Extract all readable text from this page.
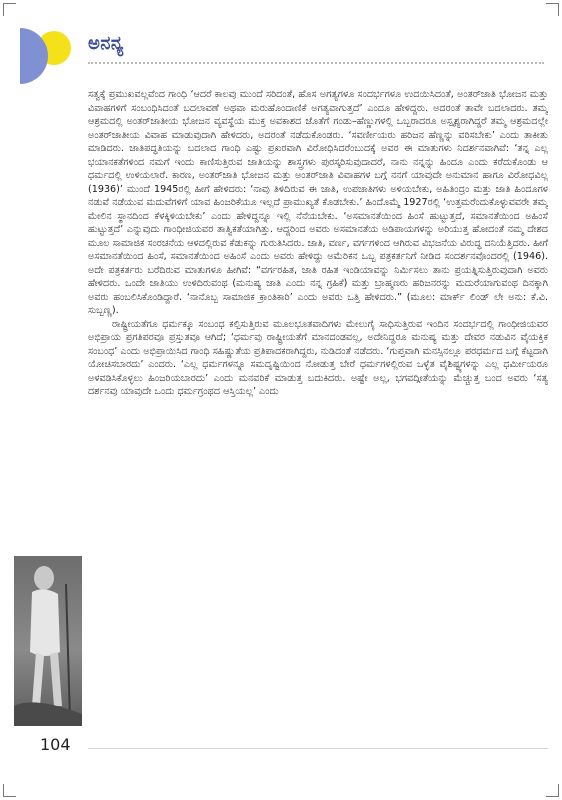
ಅನನ್ಯ

ಸತ್ವಕ್ಕೆ ಪ್ರಮುಖವಲ್ಲವೆಂದ ಗಾಂಧಿ ‘ಆದರೆ ಕಾಲವು ಮುಂದೆ ಸರಿದಂತೆ, ಹೊಸ ಅಗತ್ಯಗಳೂ ಸಂದರ್ಭಗಳೂ ಉದಯಿಸಿದಂತೆ, ಅಂತರ್‌ಜಾತಿ ಭೋಜನ ಮತ್ತು ವಿವಾಹಗಳಿಗೆ ಸಂಬಂಧಿಸಿದಂತೆ ಬದಲಾವಣೆ ಅಥವಾ ಮರುಹೊಂದಾಣಿಕೆ ಅಗತ್ಯವಾಗುತ್ತದೆ’ ಎಂದೂ ಹೇಳಿದ್ದರು. ಅದರಂತೆ ತಾವೇ ಬದಲಾದರು. ತಮ್ಮ ಆಶ್ರಮದಲ್ಲಿ ಅಂತರ್‌ಜಾತೀಯ ಭೋಜನ ವ್ಯವಸ್ಥೆಯ ಮುಕ್ತ ಅವಕಾಶದ ಜೊತೆಗೆ ಗಂಡು–ಹೆಣ್ಣುಗಳಲ್ಲಿ ಒಬ್ಬರಾದರೂ ಅಸ್ಪೃಶ್ಯರಾಗಿದ್ದರೆ ತಮ್ಮ ಆಶ್ರಮದಲ್ಲೇ ಅಂತರ್‌ಜಾತೀಯ ವಿವಾಹ ಮಾಡುವುದಾಗಿ ಹೇಳಿದರು, ಅದರಂತೆ ನಡೆದುಕೊಂಡರು. ‘ಸವರ್ಣೀಯರು ಹರಿಜನ ಹೆಣ್ಣನ್ನು ವರಿಸಬೇಕು’ ಎಂದು ತಾಕೀತು ಮಾಡಿದರು. ಜಾತಿಪದ್ಧತಿಯನ್ನು ಬದಲಾದ ಗಾಂಧಿ ಎಷ್ಟು ಪ್ರಖರವಾಗಿ ವಿರೋಧಿಸಿದರೆಂಬುದಕ್ಕೆ ಅವರ ಈ ಮಾತುಗಳು ನಿದರ್ಶನವಾಗಿವೆ: ‘ತನ್ನ ಎಲ್ಲ ಭಯಾನಕತೆಗಳಿಂದ ನಮಗೆ ಇಂದು ಕಾಣಿಸುತ್ತಿರುವ ಜಾತಿಯನ್ನು ಶಾಸ್ತ್ರಗಳು ಪುರಸ್ಕರಿಸುವುದಾದರೆ, ನಾನು ನನ್ನನ್ನು ಹಿಂದೂ ಎಂದು ಕರೆದುಕೊಂಡು ಆ ಧರ್ಮದಲ್ಲಿ ಉಳಿಯಲಾರೆ. ಕಾರಣ, ಅಂತರ್‌ಜಾತಿ ಭೋಜನ ಮತ್ತು ಅಂತರ್‌ಜಾತಿ ವಿವಾಹಗಳ ಬಗ್ಗೆ ನನಗೆ ಯಾವುದೇ ಅನುಮಾನ ಹಾಗೂ ವಿರೋಧವಿಲ್ಲ (1936)’ ಮುಂದೆ 1945ರಲ್ಲಿ ಹೀಗೆ ಹೇಳಿದರು: ‘ನಾವು ತಿಳಿದಿರುವ ಈ ಜಾತಿ, ಉಪಜಾತಿಗಳು ಅಳಿಯಬೇಕು, ಅಹಿತಿಂದ್ರಂ ಮತ್ತು ಜಾತಿ ಹಿಂದೂಗಳ ನಡುವೆ ನಡೆಯುವ ಮದುವೆಗಳಿಗೆ ಯಾವ ಹಿಂಜರಿಕೆಯೂ ಇಲ್ಲದೆ ಪ್ರಾಮುಖ್ಯತೆ ಕೊಡಬೇಕು.’ ಹಿಂದೊಮ್ಮೆ 1927ರಲ್ಲಿ ‘ಉತ್ತಮರೆಂದುಕೊಳ್ಳುವವರೇ ತಮ್ಮ ಮೇಲಿನ ಸ್ಥಾನದಿಂದ ಕೆಳಕ್ಕಿಳಿಯಬೇಕು’ ಎಂದು ಹೇಳಿದ್ದನ್ನೂ ಇಲ್ಲಿ ನೆನೆಯಬೇಕು. ‘ಅಸಮಾನತೆಯಿಂದ ಹಿಂಸೆ ಹುಟ್ಟುತ್ತದೆ, ಸಮಾನತೆಯಿಂದ ಅಹಿಂಸೆ ಹುಟ್ಟುತ್ತದೆ’ ಎನ್ನುವುದು ಗಾಂಧೀಜಿಯವರ ತಾತ್ವಿಕತೆಯಾಗಿತ್ತು. ಆದ್ದರಿಂದ ಅವರು ಅಸಮಾನತೆಯ ಅಡಿಪಾಯಗಳನ್ನು ಅರಿಯುತ್ತ ಹೋದಂತೆ ನಮ್ಮ ದೇಶದ ಮೂಲ ಸಾಮಾಜಿಕ ಸಂರಚನೆಯ ಆಳದಲ್ಲಿರುವ ಕೆಡುಕನ್ನು ಗುರುತಿಸಿದರು. ಜಾತಿ, ವರ್ಣ, ವರ್ಗಗಳಿಂದ ಆಗಿರುವ ವಿಭಜನೆಯ ವಿರುದ್ಧ ದನಿಯೆತ್ತಿದರು. ಹೀಗೆ ಅಸಮಾನತೆಯಿಂದ ಹಿಂಸೆ, ಸಮಾನತೆಯಿಂದ ಅಹಿಂಸೆ ಎಂದು ಅವರು ಹೇಳಿದ್ದು ಅಮೆರಿಕನ ಒಬ್ಬ ಪತ್ರಕರ್ತನಿಗೆ ನೀಡಿದ ಸಂದರ್ಶನವೊಂದರಲ್ಲಿ (1946). ಅದೇ ಪತ್ರಕರ್ತರು ಬರೆದಿರುವ ಮಾತುಗಳೂ ಹೀಗಿವೆ: “ವರ್ಗರಹಿತ, ಜಾತಿ ರಹಿತ ಇಂಡಿಯಾವನ್ನು ನಿರ್ಮಿಸಲು ತಾನು ಪ್ರಯತ್ನಿಸುತ್ತಿರುವುದಾಗಿ ಅವರು ಹೇಳಿದರು. ಒಂದೇ ಜಾತಿಯು ಉಳಿದಿರುವಂಥ (ಮನುಷ್ಯ ಜಾತಿ ಎಂದು ನನ್ನ ಗ್ರಹಿಕೆ) ಮತ್ತು ಬ್ರಾಹ್ಮಣರು ಹರಿಜನರನ್ನು ಮದುರೆಯಾಗುವಂಥ ದಿನಕ್ಕಾಗಿ ಅವರು ಹಂಬಲಿಸಿಕೊಂಡಿದ್ದಾರೆ. ‘ನಾನೊಬ್ಬ ಸಾಮಾಜಿಕ ಕ್ರಾಂತಿಕಾರಿ’ ಎಂದು ಅವರು ಒತ್ತಿ ಹೇಳಿದರು.” (ಮೂಲ: ಮಾರ್ಕ್ ಲಿಂಡ್ ಲೇ ಅನು: ಕೆ.ವಿ. ಸುಬ್ಬಣ್ಣ).

ರಾಷ್ಟ್ರೀಯತೆಗೂ ಧರ್ಮಕ್ಕೂ ಸಂಬಂಧ ಕಲ್ಪಿಸುತ್ತಿರುವ ಮೂಲಭೂತವಾದಿಗಳು ಮೇಲುಗೈ ಸಾಧಿಸುತ್ತಿರುವ ಇಂದಿನ ಸಂದರ್ಭದಲ್ಲಿ ಗಾಂಧೀಜಿಯವರ ಅಭಿಪ್ರಾಯ ಪ್ರಗತಿಪರವೂ ಪ್ರಸ್ತುತವೂ ಆಗಿದೆ; ‘ಧರ್ಮವು ರಾಷ್ಟ್ರೀಯತೆಗೆ ಮಾನದಂಡವಲ್ಲ, ಅದೇನಿದ್ದರೂ ಮನುಷ್ಯ ಮತ್ತು ದೇವರ ನಡುವಿನ ವೈಯಕ್ತಿಕ ಸಂಬಂಧ’ ಎಂದು ಅಭಿಪ್ರಾಯಿಸಿದ ಗಾಂಧಿ ಸಹಿಷ್ಣುತೆಯ ಪ್ರತಿಪಾದಕರಾಗಿದ್ದರು, ನುಡಿದಂತೆ ನಡೆದರು. ‘ಗುಪ್ತವಾಗಿ ಮನಸ್ಸಿನಲ್ಲೂ ಪರಧರ್ಮದ ಬಗ್ಗೆ ಕೆಟ್ಟದಾಗಿ ಯೋಚಿಸಬಾರದು’ ಎಂದರು. ‘ಎಲ್ಲ ಧರ್ಮಗಳನ್ನೂ ಸಮದೃಷ್ಟಿಯಿಂದ ನೋಡುತ್ತ ಬೇರೆ ಧರ್ಮಗಳಲ್ಲಿರುವ ಒಳ್ಳೆತ ವೈಶಿಷ್ಟ್ಯಗಳನ್ನು ಎಲ್ಲ ಧರ್ಮೀಯರೂ ಅಳವಡಿಸಿಕೊಳ್ಳಲು ಹಿಂಜರಿಯಬಾರದು’ ಎಂದು ಮನವರಿಕೆ ಮಾಡುತ್ತ ಬದುಕಿದರು. ಅಷ್ಟೇ ಅಲ್ಲ, ಭಗವದ್ಗೀತೆಯನ್ನು ಮೆಚ್ಚುತ್ತ ಬಂದ ಅವರು ‘ಸತ್ಯ ದರ್ಶನವು ಯಾವುದೇ ಒಂದು ಧರ್ಮಗ್ರಂಥದ ಆಸ್ತಿಯಲ್ಲ’ ಎಂದು

104
